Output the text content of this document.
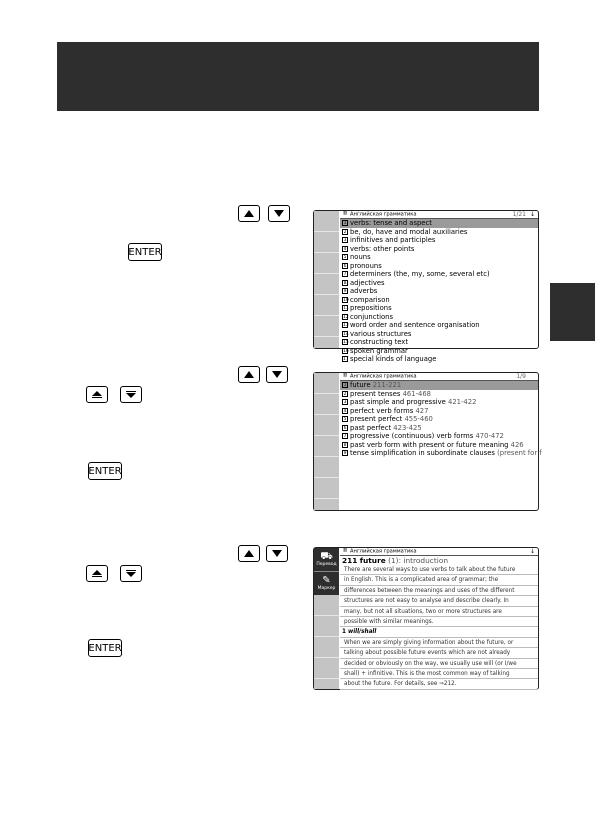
ENTER
ENTER
ENTER
▥ Английская грамматика	1/21 ↓
1 verbs: tense and aspect
2 be, do, have and modal auxiliaries
3 infinitives and participles
4 verbs: other points
5 nouns
6 pronouns
7 determiners (the, my, some, several etc)
8 adjectives
9 adverbs
10comparison
11prepositions
12conjunctions
13word order and sentence organisation
14various structures
15constructing text
16spoken grammar
17special kinds of language
▥ Английская грамматика	1/9
1 future 211-221
2 present tenses 461-468
3 past simple and progressive 421-422
4 perfect verb forms 427
5 present perfect 455-460
6 past perfect 423-425
7 progressive (continuous) verb forms 470-472
8 past verb form with present or future meaning 426
9 tense simplification in subordinate clauses (present for f
⛟
Перевод
✎
Маркер
▥ Английская грамматика	↓
211 future (1): introduction
There are several ways to use verbs to talk about the future
in English. This is a complicated area of grammar; the
differences between the meanings and uses of the different
structures are not easy to analyse and describe clearly. In
many, but not all situations, two or more structures are
possible with similar meanings.
1 will/shall
When we are simply giving information about the future, or
talking about possible future events which are not already
decided or obviously on the way, we usually use will (or I/we
shall) + infinitive. This is the most common way of talking
about the future. For details, see ⇒212.
